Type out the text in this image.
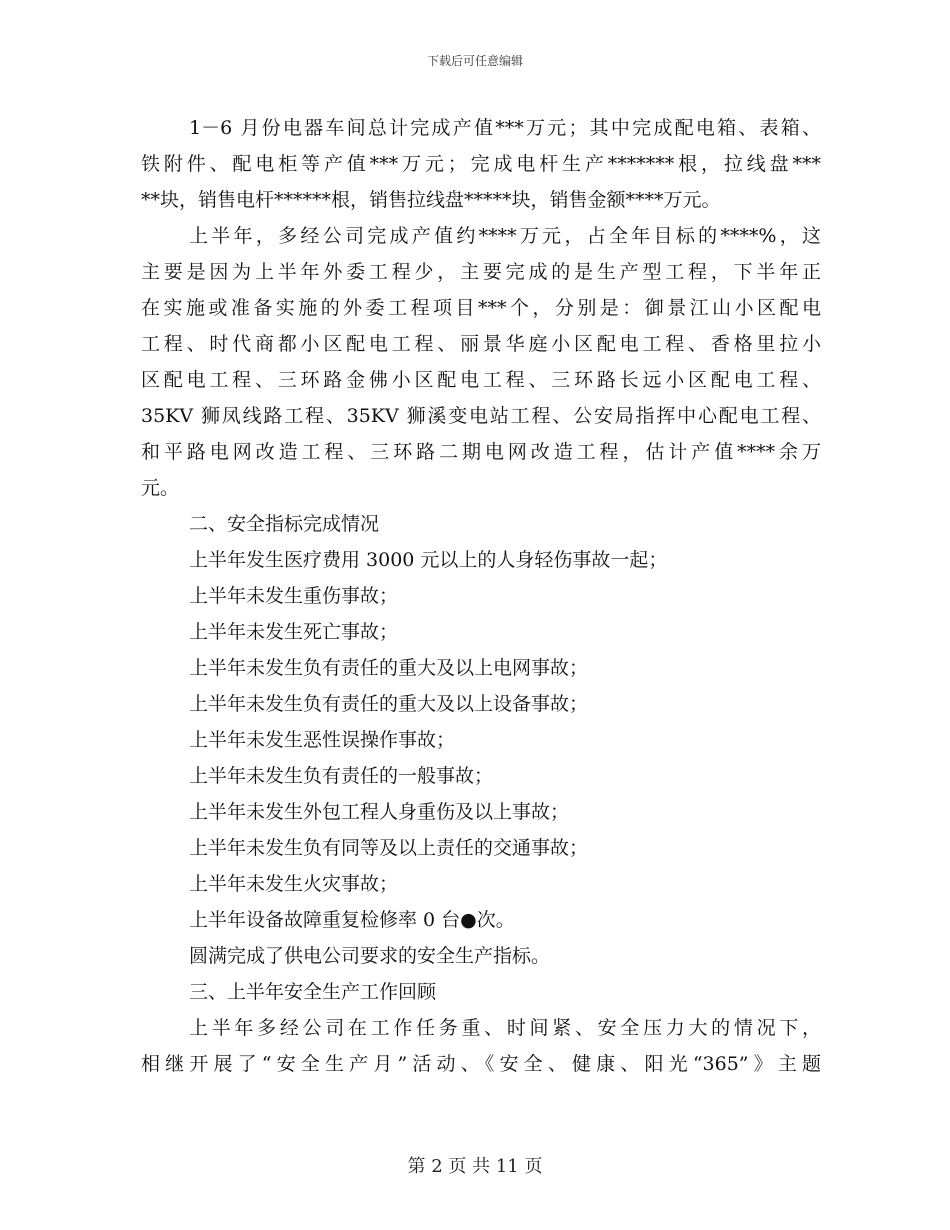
下载后可任意编辑

1－6 月份电器车间总计完成产值***万元；其中完成配电箱、表箱、
铁附件、配电柜等产值***万元；完成电杆生产*******根，拉线盘***
**块，销售电杆******根，销售拉线盘*****块，销售金额****万元。

上半年，多经公司完成产值约****万元，占全年目标的****%，这
主要是因为上半年外委工程少，主要完成的是生产型工程，下半年正
在实施或准备实施的外委工程项目***个，分别是：御景江山小区配电
工程、时代商都小区配电工程、丽景华庭小区配电工程、香格里拉小
区配电工程、三环路金佛小区配电工程、三环路长远小区配电工程、
35KV 狮凤线路工程、35KV 狮溪变电站工程、公安局指挥中心配电工程、
和平路电网改造工程、三环路二期电网改造工程，估计产值****余万
元。

二、安全指标完成情况

上半年发生医疗费用 3000 元以上的人身轻伤事故一起；

上半年未发生重伤事故；

上半年未发生死亡事故；

上半年未发生负有责任的重大及以上电网事故；

上半年未发生负有责任的重大及以上设备事故；

上半年未发生恶性误操作事故；

上半年未发生负有责任的一般事故；

上半年未发生外包工程人身重伤及以上事故；

上半年未发生负有同等及以上责任的交通事故；

上半年未发生火灾事故；

上半年设备故障重复检修率 0 台●次。

圆满完成了供电公司要求的安全生产指标。

三、上半年安全生产工作回顾

上半年多经公司在工作任务重、时间紧、安全压力大的情况下，
相继开展了“安全生产月”活动、《安全、健康、阳光“365”》主题

第 2 页 共 11 页
